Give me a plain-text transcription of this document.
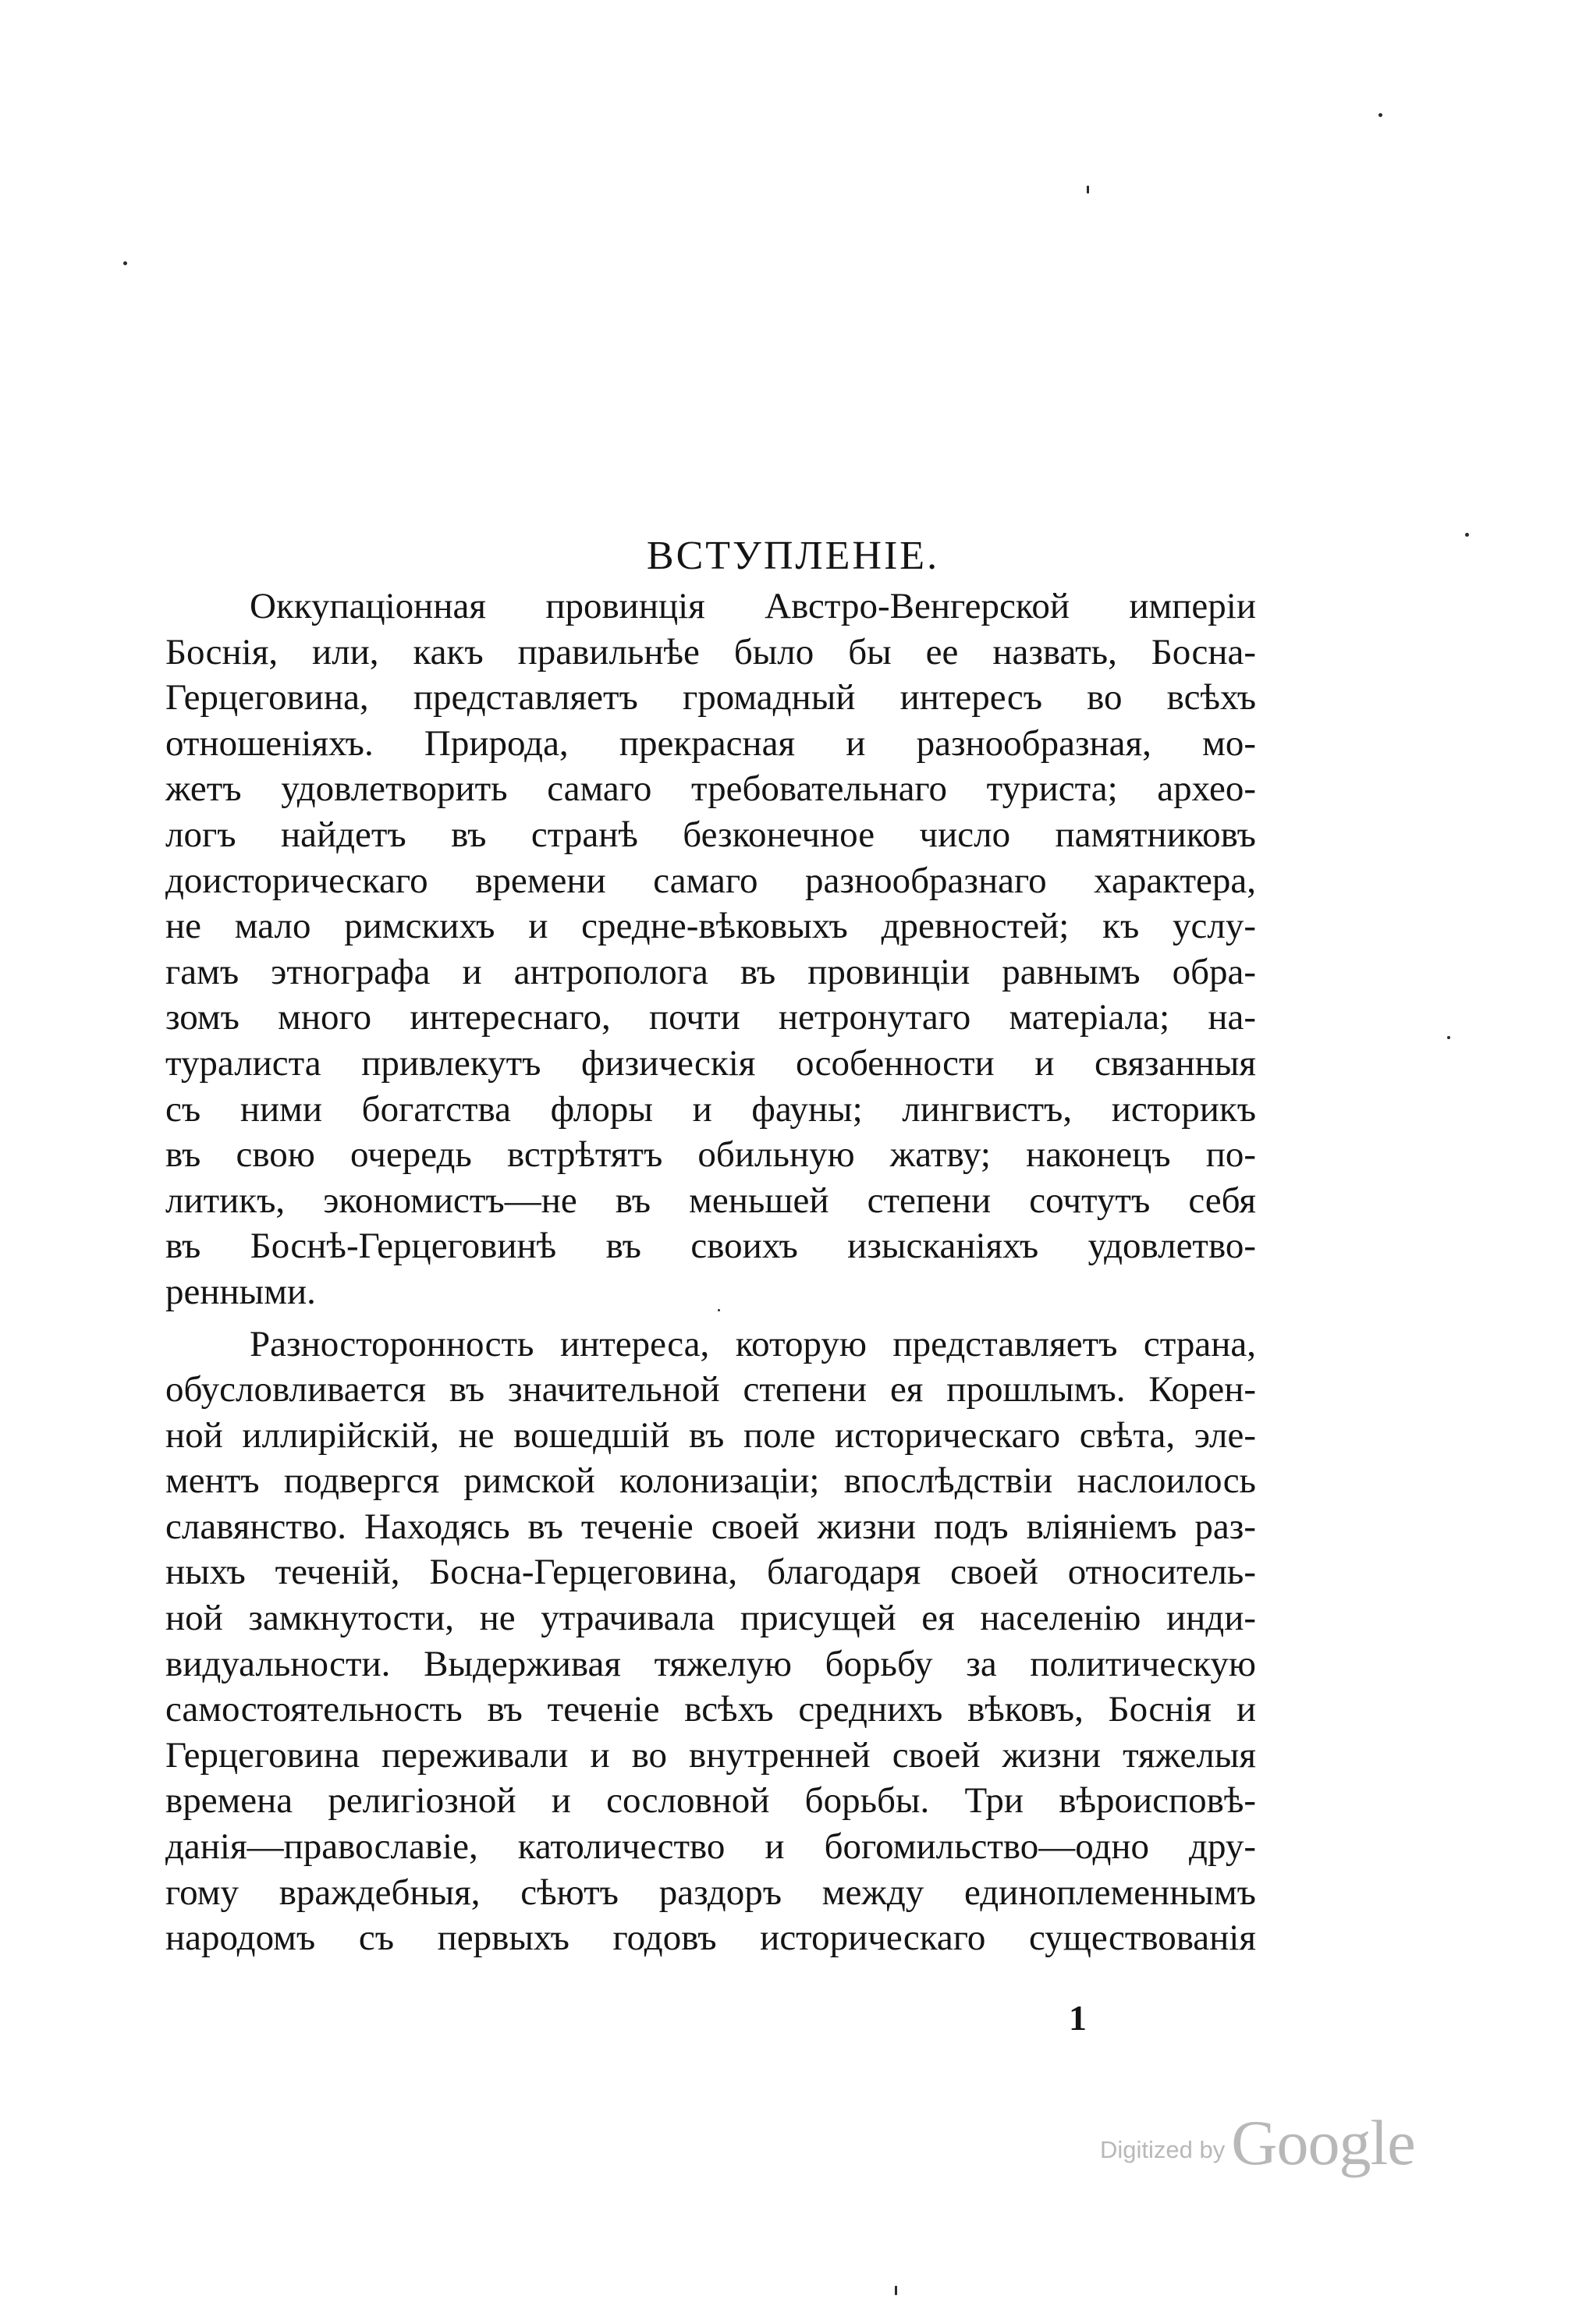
ВСТУПЛЕНІЕ.

Оккупаціонная провинція Австро-Венгерской имперіи
Боснія, или, какъ правильнѣе было бы ее назвать, Босна-
Герцеговина, представляетъ громадный интересъ во всѣхъ
отношеніяхъ. Природа, прекрасная и разнообразная, мо-
жетъ удовлетворить самаго требовательнаго туриста; археo-
логъ найдетъ въ странѣ безконечное число памятниковъ
доисторическаго времени самаго разнообразнаго характера,
не мало римскихъ и средне-вѣковыхъ древностей; къ услу-
гамъ этнографа и антрополога въ провинціи равнымъ обра-
зомъ много интереснаго, почти нетронутаго матеріала; на-
туралиста привлекутъ физическія особенности и связанныя
съ ними богатства флоры и фауны; лингвистъ, историкъ
въ свою очередь встрѣтятъ обильную жатву; наконецъ по-
литикъ, экономистъ—не въ меньшей степени сочтутъ себя
въ Боснѣ-Герцеговинѣ въ своихъ изысканіяхъ удовлетво-
ренными.

Разносторонность интереса, которую представляетъ страна,
обусловливается въ значительной степени ея прошлымъ. Корен-
ной иллирійскій, не вошедшій въ поле историческаго свѣта, эле-
ментъ подвергся римской колонизаціи; впослѣдствіи наслоилось
славянство. Находясь въ теченіе своей жизни подъ вліяніемъ раз-
ныхъ теченій, Босна-Герцеговина, благодаря своей относитель-
ной замкнутости, не утрачивала присущей ея населенію инди-
видуальности. Выдерживая тяжелую борьбу за политическую
самостоятельность въ теченіе всѣхъ среднихъ вѣковъ, Боснія и
Герцеговина переживали и во внутренней своей жизни тяжелыя
времена религіозной и сословной борьбы. Три вѣроисповѣ-
данія—православіе, католичество и богомильство—одно дру-
гому враждебныя, сѣютъ раздоръ между единоплеменнымъ
народомъ съ первыхъ годовъ историческаго существованія

1
Digitized byGoogle
